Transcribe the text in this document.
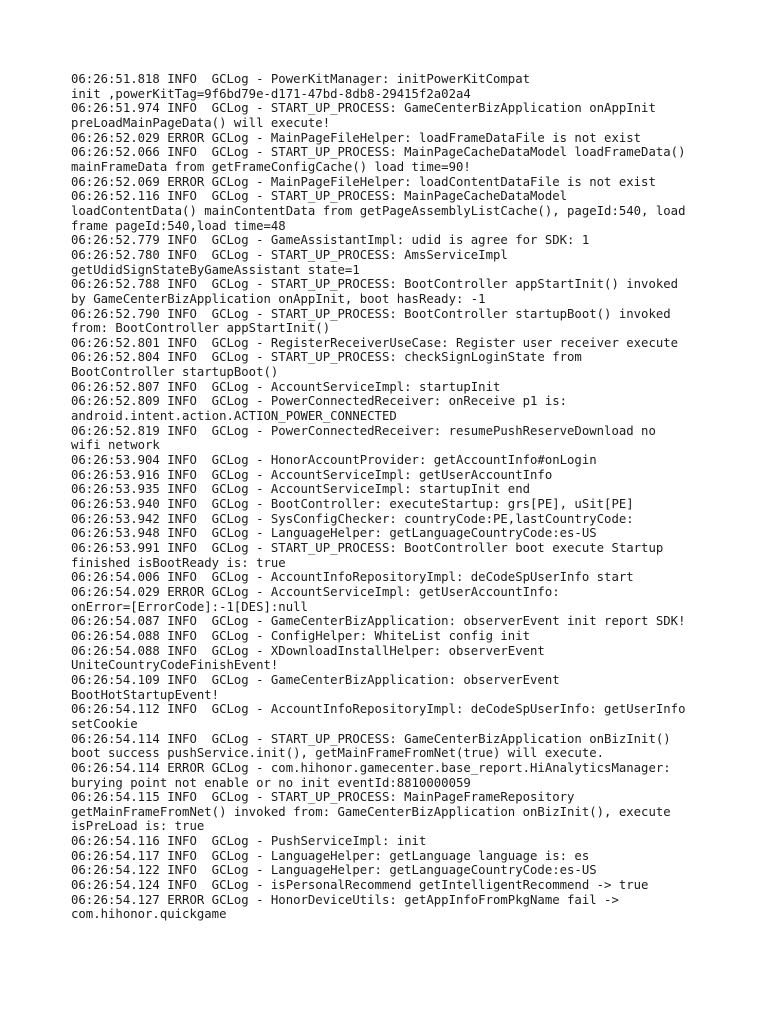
06:26:51.818 INFO  GCLog - PowerKitManager: initPowerKitCompat
init ,powerKitTag=9f6bd79e-d171-47bd-8db8-29415f2a02a4
06:26:51.974 INFO  GCLog - START_UP_PROCESS: GameCenterBizApplication onAppInit
preLoadMainPageData() will execute!
06:26:52.029 ERROR GCLog - MainPageFileHelper: loadFrameDataFile is not exist
06:26:52.066 INFO  GCLog - START_UP_PROCESS: MainPageCacheDataModel loadFrameData()
mainFrameData from getFrameConfigCache() load time=90!
06:26:52.069 ERROR GCLog - MainPageFileHelper: loadContentDataFile is not exist
06:26:52.116 INFO  GCLog - START_UP_PROCESS: MainPageCacheDataModel
loadContentData() mainContentData from getPageAssemblyListCache(), pageId:540, load
frame pageId:540,load time=48
06:26:52.779 INFO  GCLog - GameAssistantImpl: udid is agree for SDK: 1
06:26:52.780 INFO  GCLog - START_UP_PROCESS: AmsServiceImpl
getUdidSignStateByGameAssistant state=1
06:26:52.788 INFO  GCLog - START_UP_PROCESS: BootController appStartInit() invoked
by GameCenterBizApplication onAppInit, boot hasReady: -1
06:26:52.790 INFO  GCLog - START_UP_PROCESS: BootController startupBoot() invoked
from: BootController appStartInit()
06:26:52.801 INFO  GCLog - RegisterReceiverUseCase: Register user receiver execute
06:26:52.804 INFO  GCLog - START_UP_PROCESS: checkSignLoginState from
BootController startupBoot()
06:26:52.807 INFO  GCLog - AccountServiceImpl: startupInit
06:26:52.809 INFO  GCLog - PowerConnectedReceiver: onReceive p1 is:
android.intent.action.ACTION_POWER_CONNECTED
06:26:52.819 INFO  GCLog - PowerConnectedReceiver: resumePushReserveDownload no
wifi network
06:26:53.904 INFO  GCLog - HonorAccountProvider: getAccountInfo#onLogin
06:26:53.916 INFO  GCLog - AccountServiceImpl: getUserAccountInfo
06:26:53.935 INFO  GCLog - AccountServiceImpl: startupInit end
06:26:53.940 INFO  GCLog - BootController: executeStartup: grs[PE], uSit[PE]
06:26:53.942 INFO  GCLog - SysConfigChecker: countryCode:PE,lastCountryCode:
06:26:53.948 INFO  GCLog - LanguageHelper: getLanguageCountryCode:es-US
06:26:53.991 INFO  GCLog - START_UP_PROCESS: BootController boot execute Startup
finished isBootReady is: true
06:26:54.006 INFO  GCLog - AccountInfoRepositoryImpl: deCodeSpUserInfo start
06:26:54.029 ERROR GCLog - AccountServiceImpl: getUserAccountInfo:
onError=[ErrorCode]:-1[DES]:null
06:26:54.087 INFO  GCLog - GameCenterBizApplication: observerEvent init report SDK!
06:26:54.088 INFO  GCLog - ConfigHelper: WhiteList config init
06:26:54.088 INFO  GCLog - XDownloadInstallHelper: observerEvent
UniteCountryCodeFinishEvent!
06:26:54.109 INFO  GCLog - GameCenterBizApplication: observerEvent
BootHotStartupEvent!
06:26:54.112 INFO  GCLog - AccountInfoRepositoryImpl: deCodeSpUserInfo: getUserInfo
setCookie
06:26:54.114 INFO  GCLog - START_UP_PROCESS: GameCenterBizApplication onBizInit()
boot success pushService.init(), getMainFrameFromNet(true) will execute.
06:26:54.114 ERROR GCLog - com.hihonor.gamecenter.base_report.HiAnalyticsManager:
burying point not enable or no init eventId:8810000059
06:26:54.115 INFO  GCLog - START_UP_PROCESS: MainPageFrameRepository
getMainFrameFromNet() invoked from: GameCenterBizApplication onBizInit(), execute
isPreLoad is: true
06:26:54.116 INFO  GCLog - PushServiceImpl: init
06:26:54.117 INFO  GCLog - LanguageHelper: getLanguage language is: es
06:26:54.122 INFO  GCLog - LanguageHelper: getLanguageCountryCode:es-US
06:26:54.124 INFO  GCLog - isPersonalRecommend getIntelligentRecommend -> true
06:26:54.127 ERROR GCLog - HonorDeviceUtils: getAppInfoFromPkgName fail ->
com.hihonor.quickgame
